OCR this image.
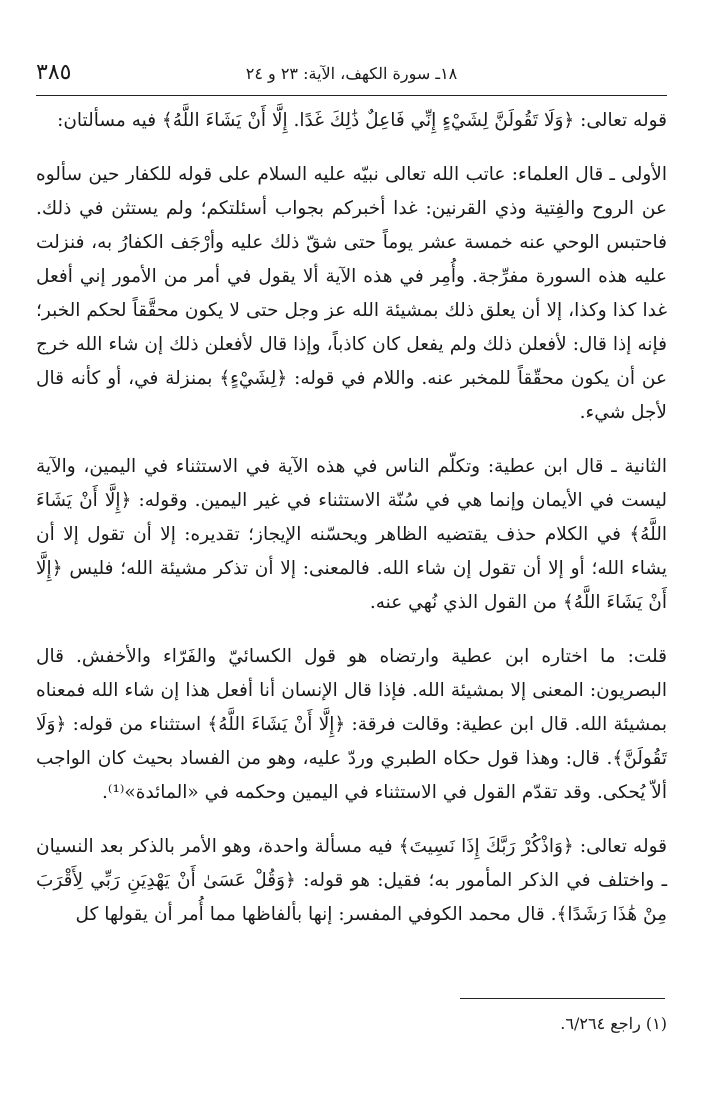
٣٨٥	١٨ـ سورة الكهف، الآية: ٢٣ و ٢٤

قوله تعالى: ﴿وَلَا تَقُولَنَّ لِشَيْءٍ إِنِّي فَاعِلٌ ذَٰلِكَ غَدًا. إِلَّا أَنْ يَشَاءَ اللَّهُ﴾ فيه مسألتان:

الأولى ـ قال العلماء: عاتب الله تعالى نبيّه عليه السلام على قوله للكفار حين سألوه عن الروح والفِتية وذي القرنين: غدا أخبركم بجواب أسئلتكم؛ ولم يستثن في ذلك. فاحتبس الوحي عنه خمسة عشر يوماً حتى شقّ ذلك عليه وأرْجَف الكفارُ به، فنزلت عليه هذه السورة مفرِّجة. وأُمِر في هذه الآية ألا يقول في أمر من الأمور إني أفعل غدا كذا وكذا، إلا أن يعلق ذلك بمشيئة الله عز وجل حتى لا يكون محقَّقاً لحكم الخبر؛ فإنه إذا قال: لأفعلن ذلك ولم يفعل كان كاذباً، وإذا قال لأفعلن ذلك إن شاء الله خرج عن أن يكون محقّقاً للمخبر عنه. واللام في قوله: ﴿لِشَيْءٍ﴾ بمنزلة في، أو كأنه قال لأجل شيء.

الثانية ـ قال ابن عطية: وتكلّم الناس في هذه الآية في الاستثناء في اليمين، والآية ليست في الأيمان وإنما هي في سُنّة الاستثناء في غير اليمين. وقوله: ﴿إِلَّا أَنْ يَشَاءَ اللَّهُ﴾ في الكلام حذف يقتضيه الظاهر ويحسّنه الإيجاز؛ تقديره: إلا أن تقول إلا أن يشاء الله؛ أو إلا أن تقول إن شاء الله. فالمعنى: إلا أن تذكر مشيئة الله؛ فليس ﴿إِلَّا أَنْ يَشَاءَ اللَّهُ﴾ من القول الذي نُهي عنه.

قلت: ما اختاره ابن عطية وارتضاه هو قول الكسائيّ والفَرّاء والأخفش. قال البصريون: المعنى إلا بمشيئة الله. فإذا قال الإنسان أنا أفعل هذا إن شاء الله فمعناه بمشيئة الله. قال ابن عطية: وقالت فرقة: ﴿إِلَّا أَنْ يَشَاءَ اللَّهُ﴾ استثناء من قوله: ﴿وَلَا تَقُولَنَّ﴾. قال: وهذا قول حكاه الطبري وردّ عليه، وهو من الفساد بحيث كان الواجب ألاّ يُحكى. وقد تقدّم القول في الاستثناء في اليمين وحكمه في «المائدة»⁽¹⁾.

قوله تعالى: ﴿وَاذْكُرْ رَبَّكَ إِذَا نَسِيتَ﴾ فيه مسألة واحدة، وهو الأمر بالذكر بعد النسيان ـ واختلف في الذكر المأمور به؛ فقيل: هو قوله: ﴿وَقُلْ عَسَىٰ أَنْ يَهْدِيَنِ رَبِّي لِأَقْرَبَ مِنْ هَٰذَا رَشَدًا﴾. قال محمد الكوفي المفسر: إنها بألفاظها مما أُمر أن يقولها كل

(١) راجع ٦/٢٦٤.
